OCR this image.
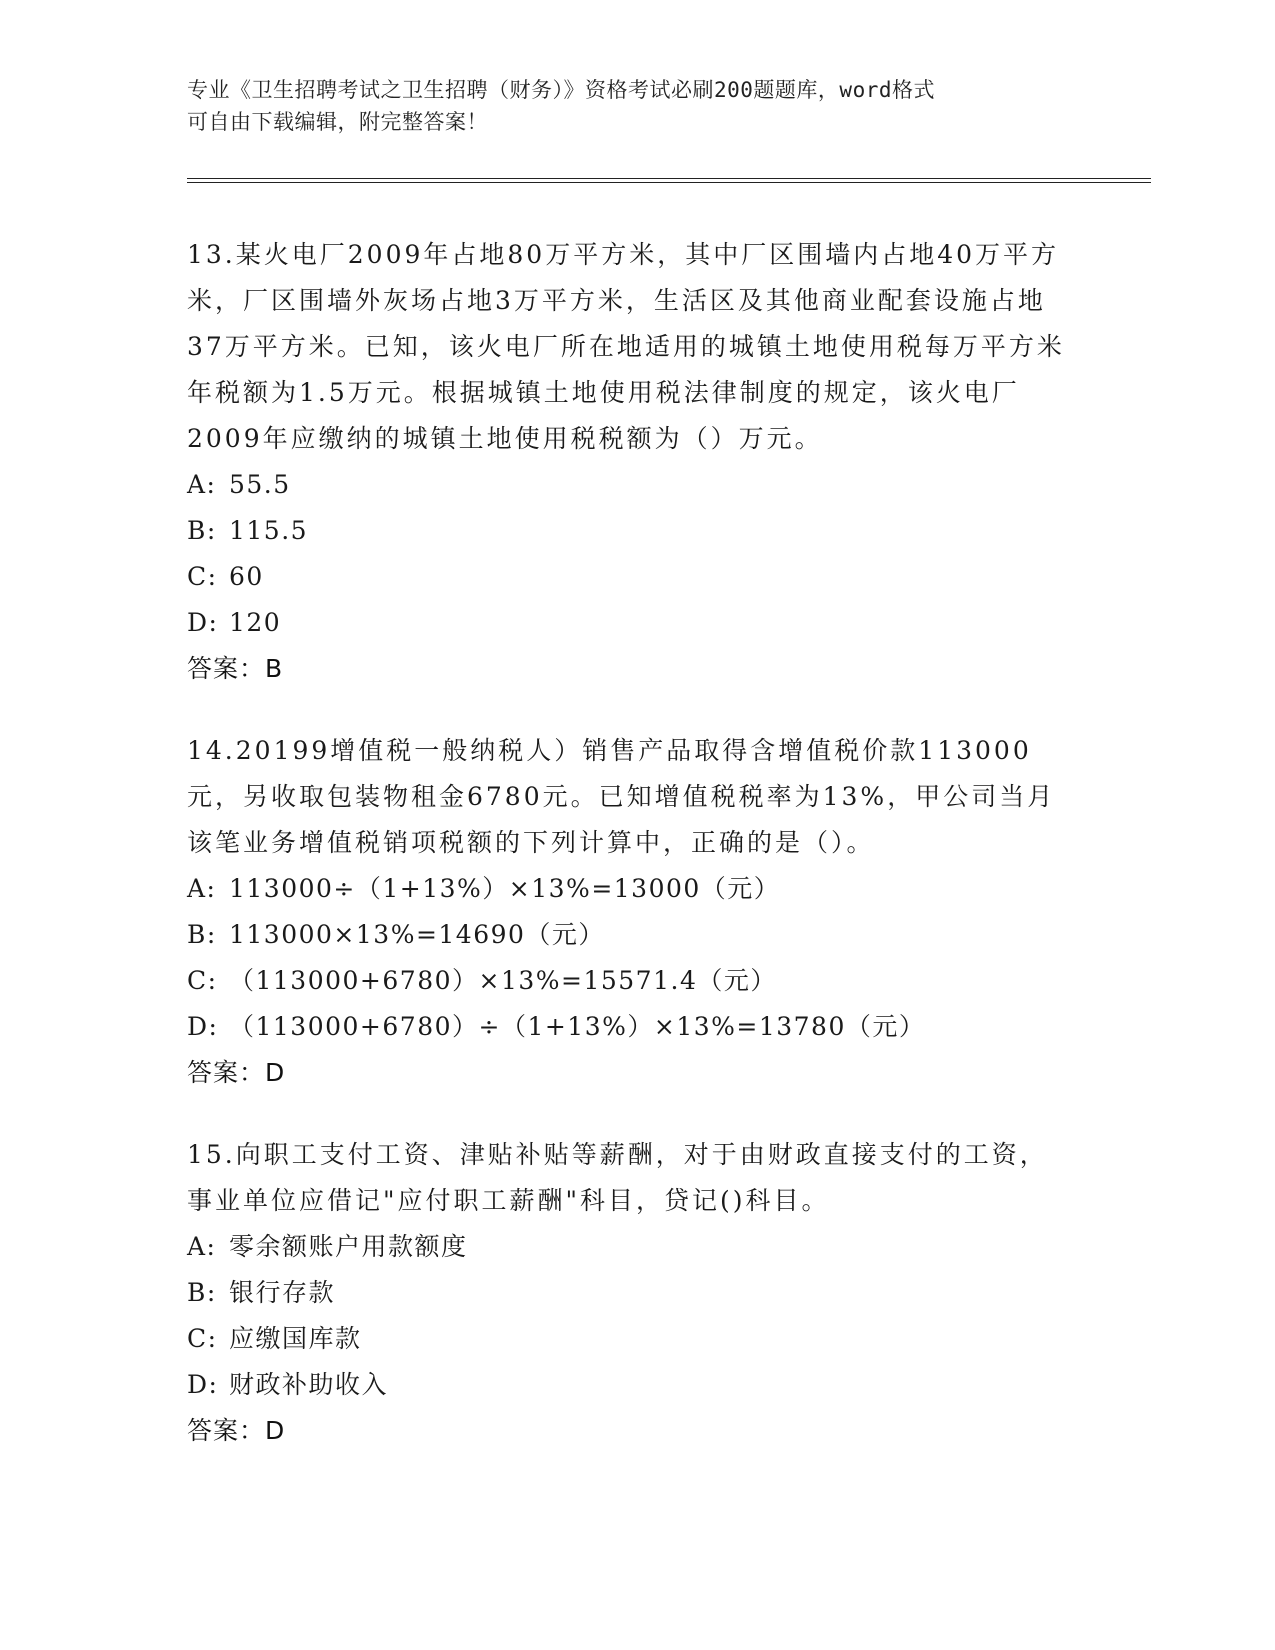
专业《卫生招聘考试之卫生招聘（财务）》资格考试必刷200题题库，word格式
可自由下载编辑，附完整答案！

13.某火电厂2009年占地80万平方米，其中厂区围墙内占地40万平方米，厂区围墙外灰场占地3万平方米，生活区及其他商业配套设施占地37万平方米。已知，该火电厂所在地适用的城镇土地使用税每万平方米年税额为1.5万元。根据城镇土地使用税法律制度的规定，该火电厂2009年应缴纳的城镇土地使用税税额为（）万元。

A: 55.5

B: 115.5

C: 60

D: 120

答案：B

14.20199增值税一般纳税人）销售产品取得含增值税价款113000元，另收取包装物租金6780元。已知增值税税率为13%，甲公司当月该笔业务增值税销项税额的下列计算中，正确的是（）。

A: 113000÷（1+13%）×13%=13000（元）

B: 113000×13%=14690（元）

C: （113000+6780）×13%=15571.4（元）

D: （113000+6780）÷（1+13%）×13%=13780（元）

答案：D

15.向职工支付工资、津贴补贴等薪酬，对于由财政直接支付的工资，事业单位应借记"应付职工薪酬"科目，贷记()科目。

A: 零余额账户用款额度

B: 银行存款

C: 应缴国库款

D: 财政补助收入

答案：D
